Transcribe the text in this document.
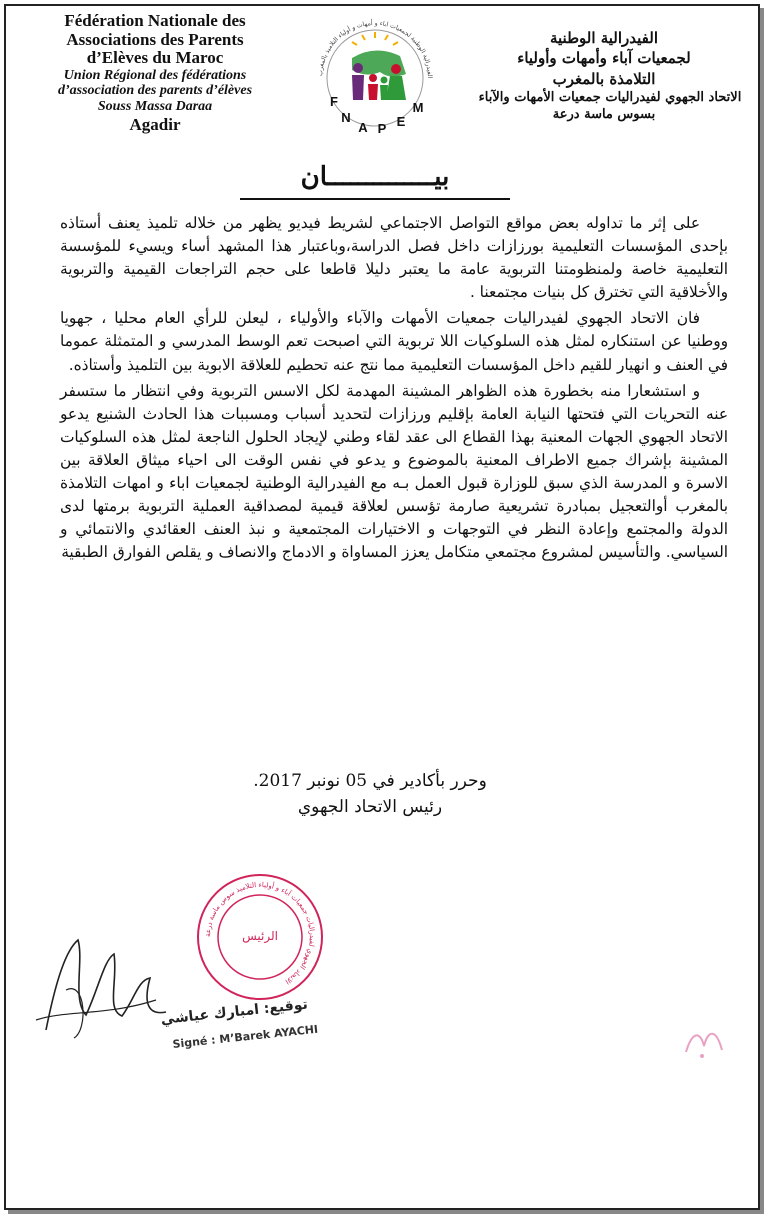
Fédération Nationale des
Associations des Parents
d’Elèves du Maroc
Union Régional des fédérations
d’association des parents d’élèves
Souss Massa Daraa
Agadir
الفيدرالية الوطنية لجمعيات اباء و أمهات و أولياء التلاميذ بالمغرب
F
N
A P E
M
الفيدرالية الوطنية
لجمعيات آباء وأمهات وأولياء
التلامذة بالمغرب
الاتحاد الجهوي لفيدراليات جمعيات الأمهات والآباء
بسوس ماسة درعة
بيــــــــــــــان

على إثر ما تداوله بعض مواقع التواصل الاجتماعي لشريط فيديو يظهر من خلاله تلميذ يعنف أستاذه بإحدى المؤسسات التعليمية بورزازات داخل فصل الدراسة،وباعتبار هذا المشهد أساء ويسيء للمؤسسة التعليمية خاصة ولمنظومتنا التربوية عامة ما يعتبر دليلا قاطعا على حجم التراجعات القيمية والتربوية والأخلاقية التي تخترق كل بنيات مجتمعنا .

فان الاتحاد الجهوي لفيدراليات جمعيات الأمهات والآباء والأولياء ، ليعلن للرأي العام محليا ، جهويا ووطنيا عن استنكاره لمثل هذه السلوكيات اللا تربوية التي اصبحت تعم الوسط المدرسي و المتمثلة عموما في العنف و انهيار للقيم داخل المؤسسات التعليمية مما نتج عنه تحطيم للعلاقة الابوية بين التلميذ وأستاذه.

و استشعارا منه بخطورة هذه الظواهر المشينة المهدمة لكل الاسس التربوية وفي انتظار ما ستسفر عنه التحريات التي فتحتها النيابة العامة بإقليم ورزازات لتحديد أسباب ومسببات هذا الحادث الشنيع يدعو الاتحاد الجهوي الجهات المعنية بهذا القطاع الى عقد لقاء وطني لإيجاد الحلول الناجعة لمثل هذه السلوكيات المشينة بإشراك جميع الاطراف المعنية بالموضوع و يدعو في نفس الوقت الى احياء ميثاق العلاقة بين الاسرة و المدرسة الذي سبق للوزارة قبول العمل بـه مع الفيدرالية الوطنية لجمعيات اباء و امهات التلامذة بالمغرب أوالتعجيل بمبادرة تشريعية صارمة تؤسس لعلاقة قيمية لمصداقية العملية التربوية برمتها لدى الدولة والمجتمع وإعادة النظر في التوجهات و الاختيارات المجتمعية و نبذ العنف العقائدي والانتمائي و السياسي. والتأسيس لمشروع مجتمعي متكامل يعزز المساواة و الادماج والانصاف و يقلص الفوارق الطبقية

وحرر بأكادير في 05 نونبر 2017.
رئيس الاتحاد الجهوي
الاتحاد الجهوي لفيدراليات جمعيات آباء و أولياء التلاميذ سوس ماسة درعة
الرئيس
توقيع: امبارك عياشي
Signé : M’Barek AYACHI
